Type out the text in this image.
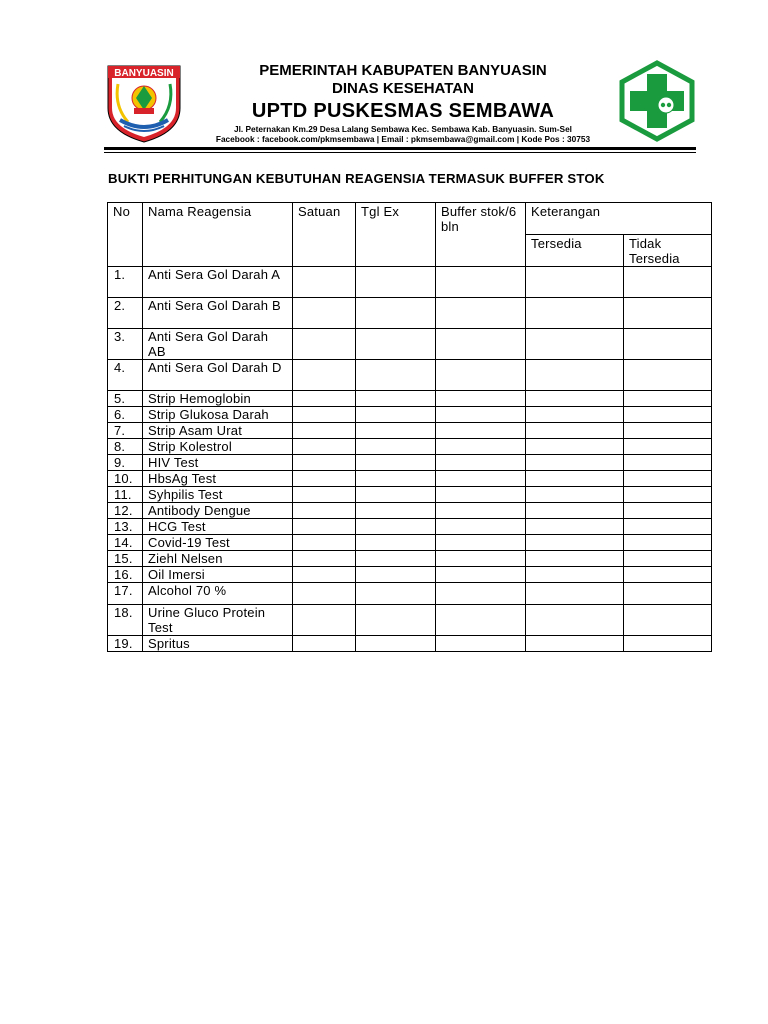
BANYUASIN	PEMERINTAH KABUPATEN BANYUASIN
DINAS KESEHATAN
UPTD PUSKESMAS SEMBAWA
Jl. Peternakan Km.29 Desa Lalang Sembawa Kec. Sembawa Kab. Banyuasin. Sum-Sel
Facebook : facebook.com/pkmsembawa | Email : pkmsembawa@gmail.com | Kode Pos : 30753
BUKTI PERHITUNGAN KEBUTUHAN REAGENSIA TERMASUK BUFFER STOK
No	Nama Reagensia	Satuan	Tgl Ex	Buffer stok/6 bln	Keterangan	
					Tersedia	Tidak Tersedia
1.	Anti Sera Gol Darah A					
2.	Anti Sera Gol Darah B					
3.	Anti Sera Gol Darah AB					
4.	Anti Sera Gol Darah D					
5.	Strip Hemoglobin					
6.	Strip Glukosa Darah					
7.	Strip Asam Urat					
8.	Strip Kolestrol					
9.	HIV Test					
10.	HbsAg Test					
11.	Syhpilis Test					
12.	Antibody Dengue					
13.	HCG Test					
14.	Covid-19 Test					
15.	Ziehl Nelsen					
16.	Oil Imersi					
17.	Alcohol 70 %					
18.	Urine Gluco Protein Test					
19.	Spritus					
